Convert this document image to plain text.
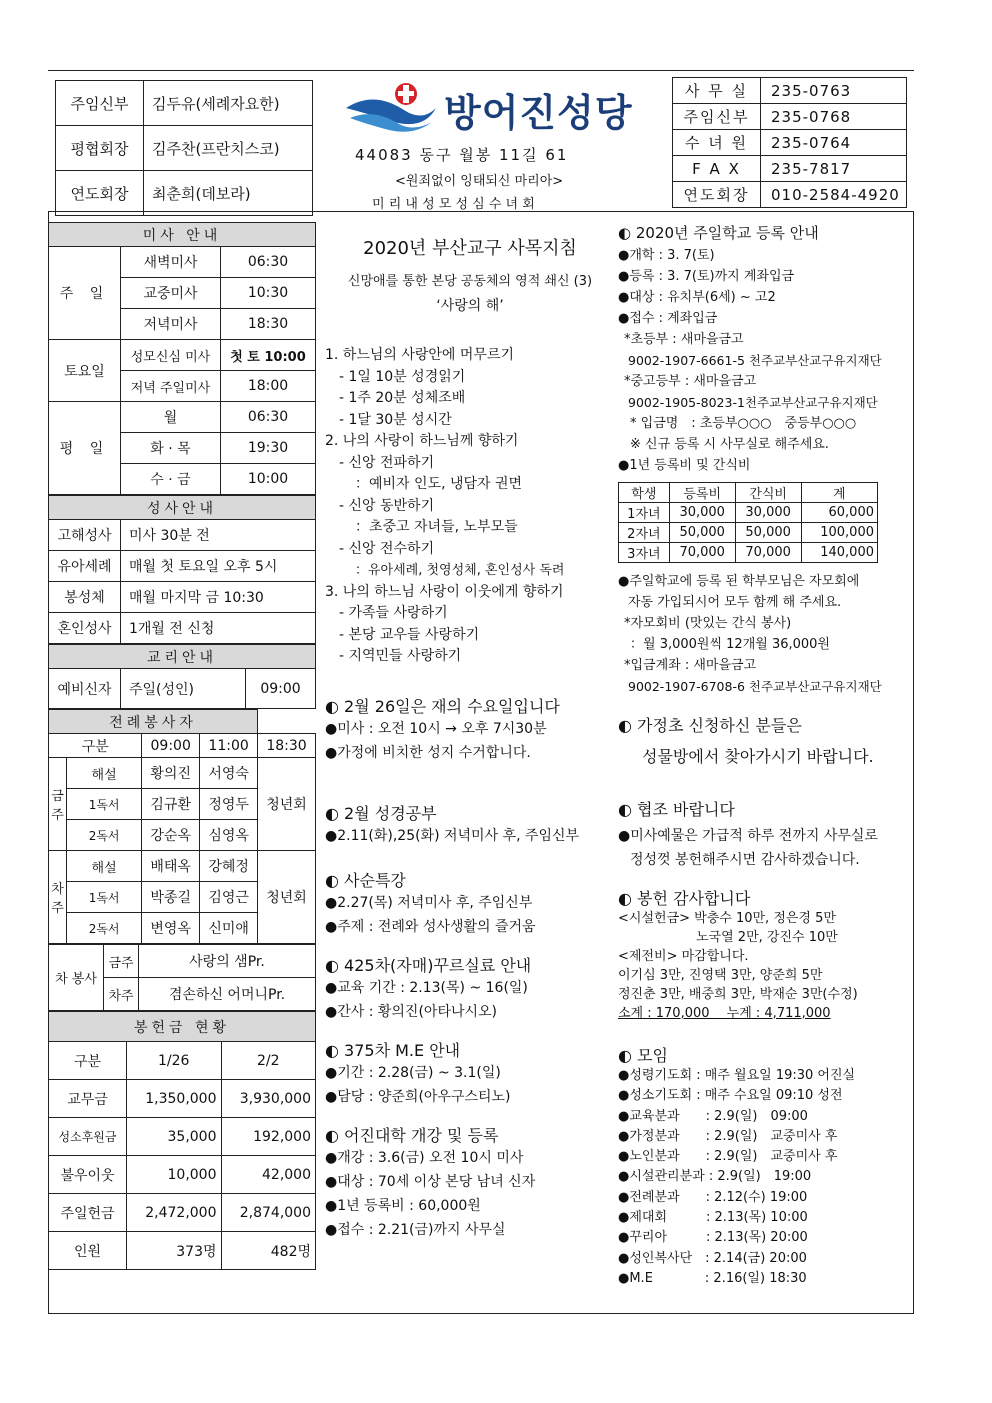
주임신부	김두유(세례자요한)
평협회장	김주찬(프란치스코)
연도회장	최춘희(데보라)
방어진성당
44083 동구 월봉 11길 61
<원죄없이 잉태되신 마리아>
미 리 내 성 모 성 심 수 녀 회
사 무 실	235-0763
주임신부	235-0768
수 녀 원	235-0764
F A X	235-7817
연도회장	010-2584-4920
미사 안내		
주 일	새벽미사	06:30
	교중미사	10:30
	저녁미사	18:30
토요일	성모신심 미사	첫 토 10:00
	저녁 주일미사	18:00
평 일	월	06:30
	화 · 목	19:30
	수 · 금	10:00
성사안내	
고해성사	미사 30분 전
유아세례	매월 첫 토요일 오후 5시
봉성체	매월 마지막 금 10:30
혼인성사	1개월 전 신청
교리안내
예비신자	주일(성인)	09:00
전례봉사자				
구분		09:00	11:00	18:30
금주	해설	황의진	서영숙	청년회
	1독서	김규환	정영두	
	2독서	강순옥	심영옥	
차주	해설	배태옥	강혜정	청년회
	1독서	박종길	김영근	
	2독서	변영옥	신미애	
차 봉사	금주	사랑의 샘Pr.
	차주	겸손하신 어머니Pr.
봉헌금 현황		
구분	1/26	2/2
교무금	1,350,000	3,930,000
성소후원금	35,000	192,000
불우이웃	10,000	42,000
주일헌금	2,472,000	2,874,000
인원	373명	482명
2020년 부산교구 사목지침
신망애를 통한 본당 공동체의 영적 쇄신 (3)
‘사랑의 해’
1. 하느님의 사랑안에 머무르기
- 1일 10분 성경읽기
- 1주 20분 성체조배
- 1달 30분 성시간
2. 나의 사랑이 하느님께 향하기
- 신앙 전파하기
：예비자 인도, 냉담자 권면
- 신앙 동반하기
：초중고 자녀들, 노부모들
- 신앙 전수하기
：유아세례, 첫영성체, 혼인성사 독려
3. 나의 하느님 사랑이 이웃에게 향하기
- 가족들 사랑하기
- 본당 교우들 사랑하기
- 지역민들 사랑하기
◐ 2월 26일은 재의 수요일입니다
●미사 : 오전 10시 → 오후 7시30분
●가정에 비치한 성지 수거합니다.
◐ 2월 성경공부
●2.11(화),25(화) 저녁미사 후, 주임신부
◐ 사순특강
●2.27(목) 저녁미사 후, 주임신부
●주제 : 전례와 성사생활의 즐거움
◐ 425차(자매)꾸르실료 안내
●교육 기간 : 2.13(목) ~ 16(일)
●간사 : 황의진(아타나시오)
◐ 375차 M.E 안내
●기간 : 2.28(금) ~ 3.1(일)
●담당 : 양준희(아우구스티노)
◐ 어진대학 개강 및 등록
●개강 : 3.6(금) 오전 10시 미사
●대상 : 70세 이상 본당 남녀 신자
●1년 등록비 : 60,000원
●접수 : 2.21(금)까지 사무실
◐ 2020년 주일학교 등록 안내
●개학 : 3. 7(토)
●등록 : 3. 7(토)까지 계좌입금
●대상 : 유치부(6세) ~ 고2
●접수 : 계좌입금
*초등부 : 새마을금고
9002-1907-6661-5 천주교부산교구유지재단
*중고등부 : 새마을금고
9002-1905-8023-1천주교부산교구유지재단
* 입금명　: 초등부○○○　중등부○○○
※ 신규 등록 시 사무실로 해주세요.
●1년 등록비 및 간식비
학생	등록비	간식비	계
1자녀	30,000	30,000	60,000
2자녀	50,000	50,000	100,000
3자녀	70,000	70,000	140,000
●주일학교에 등록 된 학부모님은 자모회에
자동 가입되시어 모두 함께 해 주세요.
*자모회비 (맛있는 간식 봉사)
：월 3,000원씩 12개월 36,000원
*입금계좌 : 새마을금고
9002-1907-6708-6 천주교부산교구유지재단
◐ 가정초 신청하신 분들은
성물방에서 찾아가시기 바랍니다.
◐ 협조 바랍니다
●미사예물은 가급적 하루 전까지 사무실로
정성껏 봉헌해주시면 감사하겠습니다.
◐ 봉헌 감사합니다
<시설헌금> 박충수 10만, 정은경 5만
노국열 2만, 강진수 10만
<제전비> 마감합니다.
이기심 3만, 진영택 3만, 양준희 5만
정진춘 3만, 배중희 3만, 박재순 3만(수정)
소계 : 170,000　 누계 : 4,711,000
◐ 모임
●성령기도회 : 매주 월요일 19:30 어진실
●성소기도회 : 매주 수요일 09:10 성전
●교육분과　　: 2.9(일)　09:00
●가정분과　　: 2.9(일)　교중미사 후
●노인분과　　: 2.9(일)　교중미사 후
●시설관리분과 : 2.9(일)　19:00
●전례분과　　: 2.12(수) 19:00
●제대회　　　: 2.13(목) 10:00
●꾸리아　　　: 2.13(목) 20:00
●성인복사단　: 2.14(금) 20:00
●M.E　　　　: 2.16(일) 18:30
